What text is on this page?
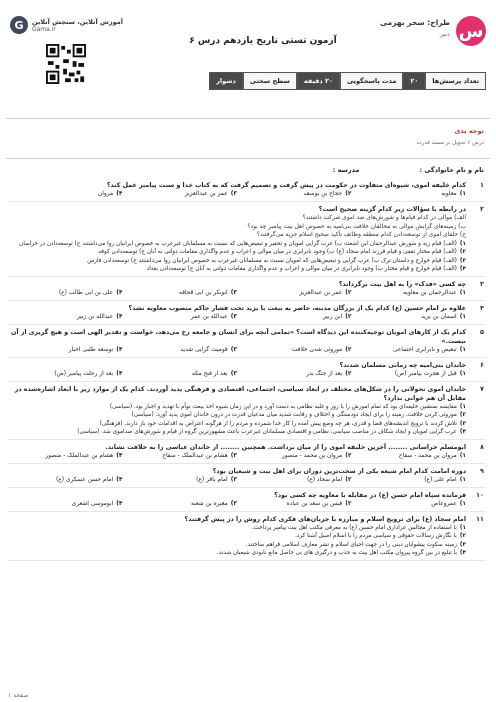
س
طراح: سحر بهزمی
دبیر
G	آموزش آنلاین، سنجش آنلاین
Gama.ir
آزمون تستی تاریخ یازدهم درس ۶
تعداد پرسش‌ها
۲۰
مدت پاسخگویی
۲۰ دقیقه
سطح سختی
دشوار
توجه بدی
درس ۶ تحویل بر مسند قدرت
نام و نام خانوادگی :
مدرسه :
۱
کدام خلیفه اموی، شیوه‌ای متفاوت در حکومت در پیش گرفت و تصمیم گرفت که به کتاب خدا و سنت پیامبر عمل کند؟
۱)معاویه
۲)حجاج بن یوسف
۳)عمر بن عبدالعزیز
۴)مروان
۲
در رابطه با سؤالات زیر کدام گزینه صحیح است؟
الف) موالی در کدام قیام‌ها و شورش‌های ضد اموی شرکت داشتند؟
ب) زمینه‌های گرایش موالی به مخالفان خلافت بنی‌امیه به خصوص اهل بیت پیامبر چه بود؟
ج) خلفای اموی از توسعه‌دادن کدام منطقه وظائف تأکید صحیح اسلام جزیه می‌گرفتند؟
۱)(الف) قیام زید و شورش عبدالرحمان ابن اشعث ب) عرب گرایی امویان و تحقیر و تبعیض‌هایی که نسبت به مسلمانان غیرعرب به خصوص ایرانیان روا می‌داشتند ج) توسعه‌دادن در خراسان
۲)(الف) قیام مختار ثقفی و قیام فرزند امام سجاد (ع) ب) وجود نابرابری در میان موالی و اعراب و عدم واگذاری مقامات دولتی به آنان ج) توسعه‌دادن کوفه
۳)(الف) قیام خوارج و داستان ترک ب) عرب گرایی و تبعیض‌هایی که امویان نسبت به مسلمانان غیرعرب به خصوص ایرانیان روا می‌داشتند ج) توسعه‌دادن فارس
۴)(الف) قیام خوارج و قیام مختار ب) وجود نابرابری در میان موالی و اعراب و عدم واگذاری مقامات دولتی به آنان ج) توسعه‌دادن بغداد
۳
چه کسی «فدک» را به اهل بیت برگرداند؟
۱)عبدالرحمان بن معاویه
۲)عمر بن عبدالعزیز
۳)ابوبکر بن ابی قحافه
۴)علی بن ابی طالب (ع)
۴
علاوه بر امام حسین (ع) کدام یک از بزرگان مدینه، حاضر به بیعت با یزید تحت فشار حاکم منصوب معاویه نشد؟
۱)آسمان بن یزید
۲)ابن زبیر
۳)عبدالله بن عمر
۴)عبدالله بن زبیر
۵
کدام یک از کارهای امویان توجیه‌کننده این دیدگاه است؟ «تمامی آنچه برای انسان و جامعه رخ می‌دهد، خواست و تقدیر الهی است و هیچ گریزی از آن نیست.»
۱)تبعیض و نابرابری اجتماعی
۲)موروثی شدن خلافت
۳)قومیت گرایی شدید
۴)توسعه طلبی اخبار
۶
خاندان بنی‌امیه چه زمانی مسلمان شدند؟
۱)قبل از هجرت پیامبر (ص)
۲)بعد از جنگ بدر
۳)بعد از فتح مکه
۴)بعد از رحلت پیامبر (ص)
۷
خاندان اموی تحولاتی را در شکل‌های مختلف در ابعاد سیاسی، اجتماعی، اقتصادی و فرهنگی پدید آوردند. کدام یک از موارد زیر با ابعاد اشاره‌شده در مقابل آن هم خوانی ندارد؟
۱)مقایسه نمنشین خلیفه‌ای بود که تمام امورش را با زور و غلبه نظامی به دست آورد و در این زمان شیوه اخذ بیعت توأم با تهدید و اجبار بود. (سیاسی)
۲)موروثی کردن خلافت، زمینه را برای ایجاد دودستگی و اختلاف و رقابت شدید میان مدعیان قدرت در درون خاندان اموی پدید آورد. (سیاسی)
۳)تلاش کردند با ترویج اندیشه‌های قضا و قدری، هر چه وضع پیش آمده را کار خدا شمرده و مردم را از هرگونه اعتراض به اقدامات خود باز دارند. (فرهنگی)
۴)عرب گرایی امویان و ایجاد شکاف در مناصب سیاسی، نظامی و اقتصادی مسلمانان غیرعرب باعث مشهورترین گروه از قیام و شورش‌های ضداموی شد. (سیاسی)
۸
ابومسلم خراسانی ........ آخرین خلیفه اموی را از میان برداشت. همچنین ........ از خاندان عباسی را به خلافت نشاند.
۱)مروان بن محمد - سفاح
۲)مروان بن محمد - منصور
۳)هشام بن عبدالملک - سفاح
۴)هشام بن عبدالملک - منصور
۹
دوره امامت کدام امام شیعه یکی از سخت‌ترین دوران برای اهل بیت و شیعیان بود؟
۱)امام علی (ع)
۲)امام سجاد (ع)
۳)امام باقر (ع)
۴)امام حسن عسکری (ع)
۱۰
فرمانده سپاه امام حسن (ع) در مقابله با معاویه چه کسی بود؟
۱)عمروعاص
۲)قیس بن سعد بن عباده
۳)مغیره بن شعبه
۴)ابوموسی اشعری
۱۱
امام سجاد (ع) برای ترویج اسلام و مبارزه با جریان‌های فکری کدام روش را در پیش گرفتند؟
۱)با استفاده از مجالس عزاداری امام حسین (ع) به معرفی مکتب اهل بیت پیامبر پرداخت.
۲)با نگارش رسالات حقوقی و سیاسی مردم را با اسلام اصیل آشنا کرد.
۳)زمینه سکوت پیشوایان دینی را در جهت احیای اسلام و نشر معارف اسلامی فراهم ساختند.
۴)با تبلیغ در بین گروه پیروان مکتب اهل بیت به جذب و درگیری های بی حاصل مانع نابودی شیعیان شدند.
صفحه ۱
